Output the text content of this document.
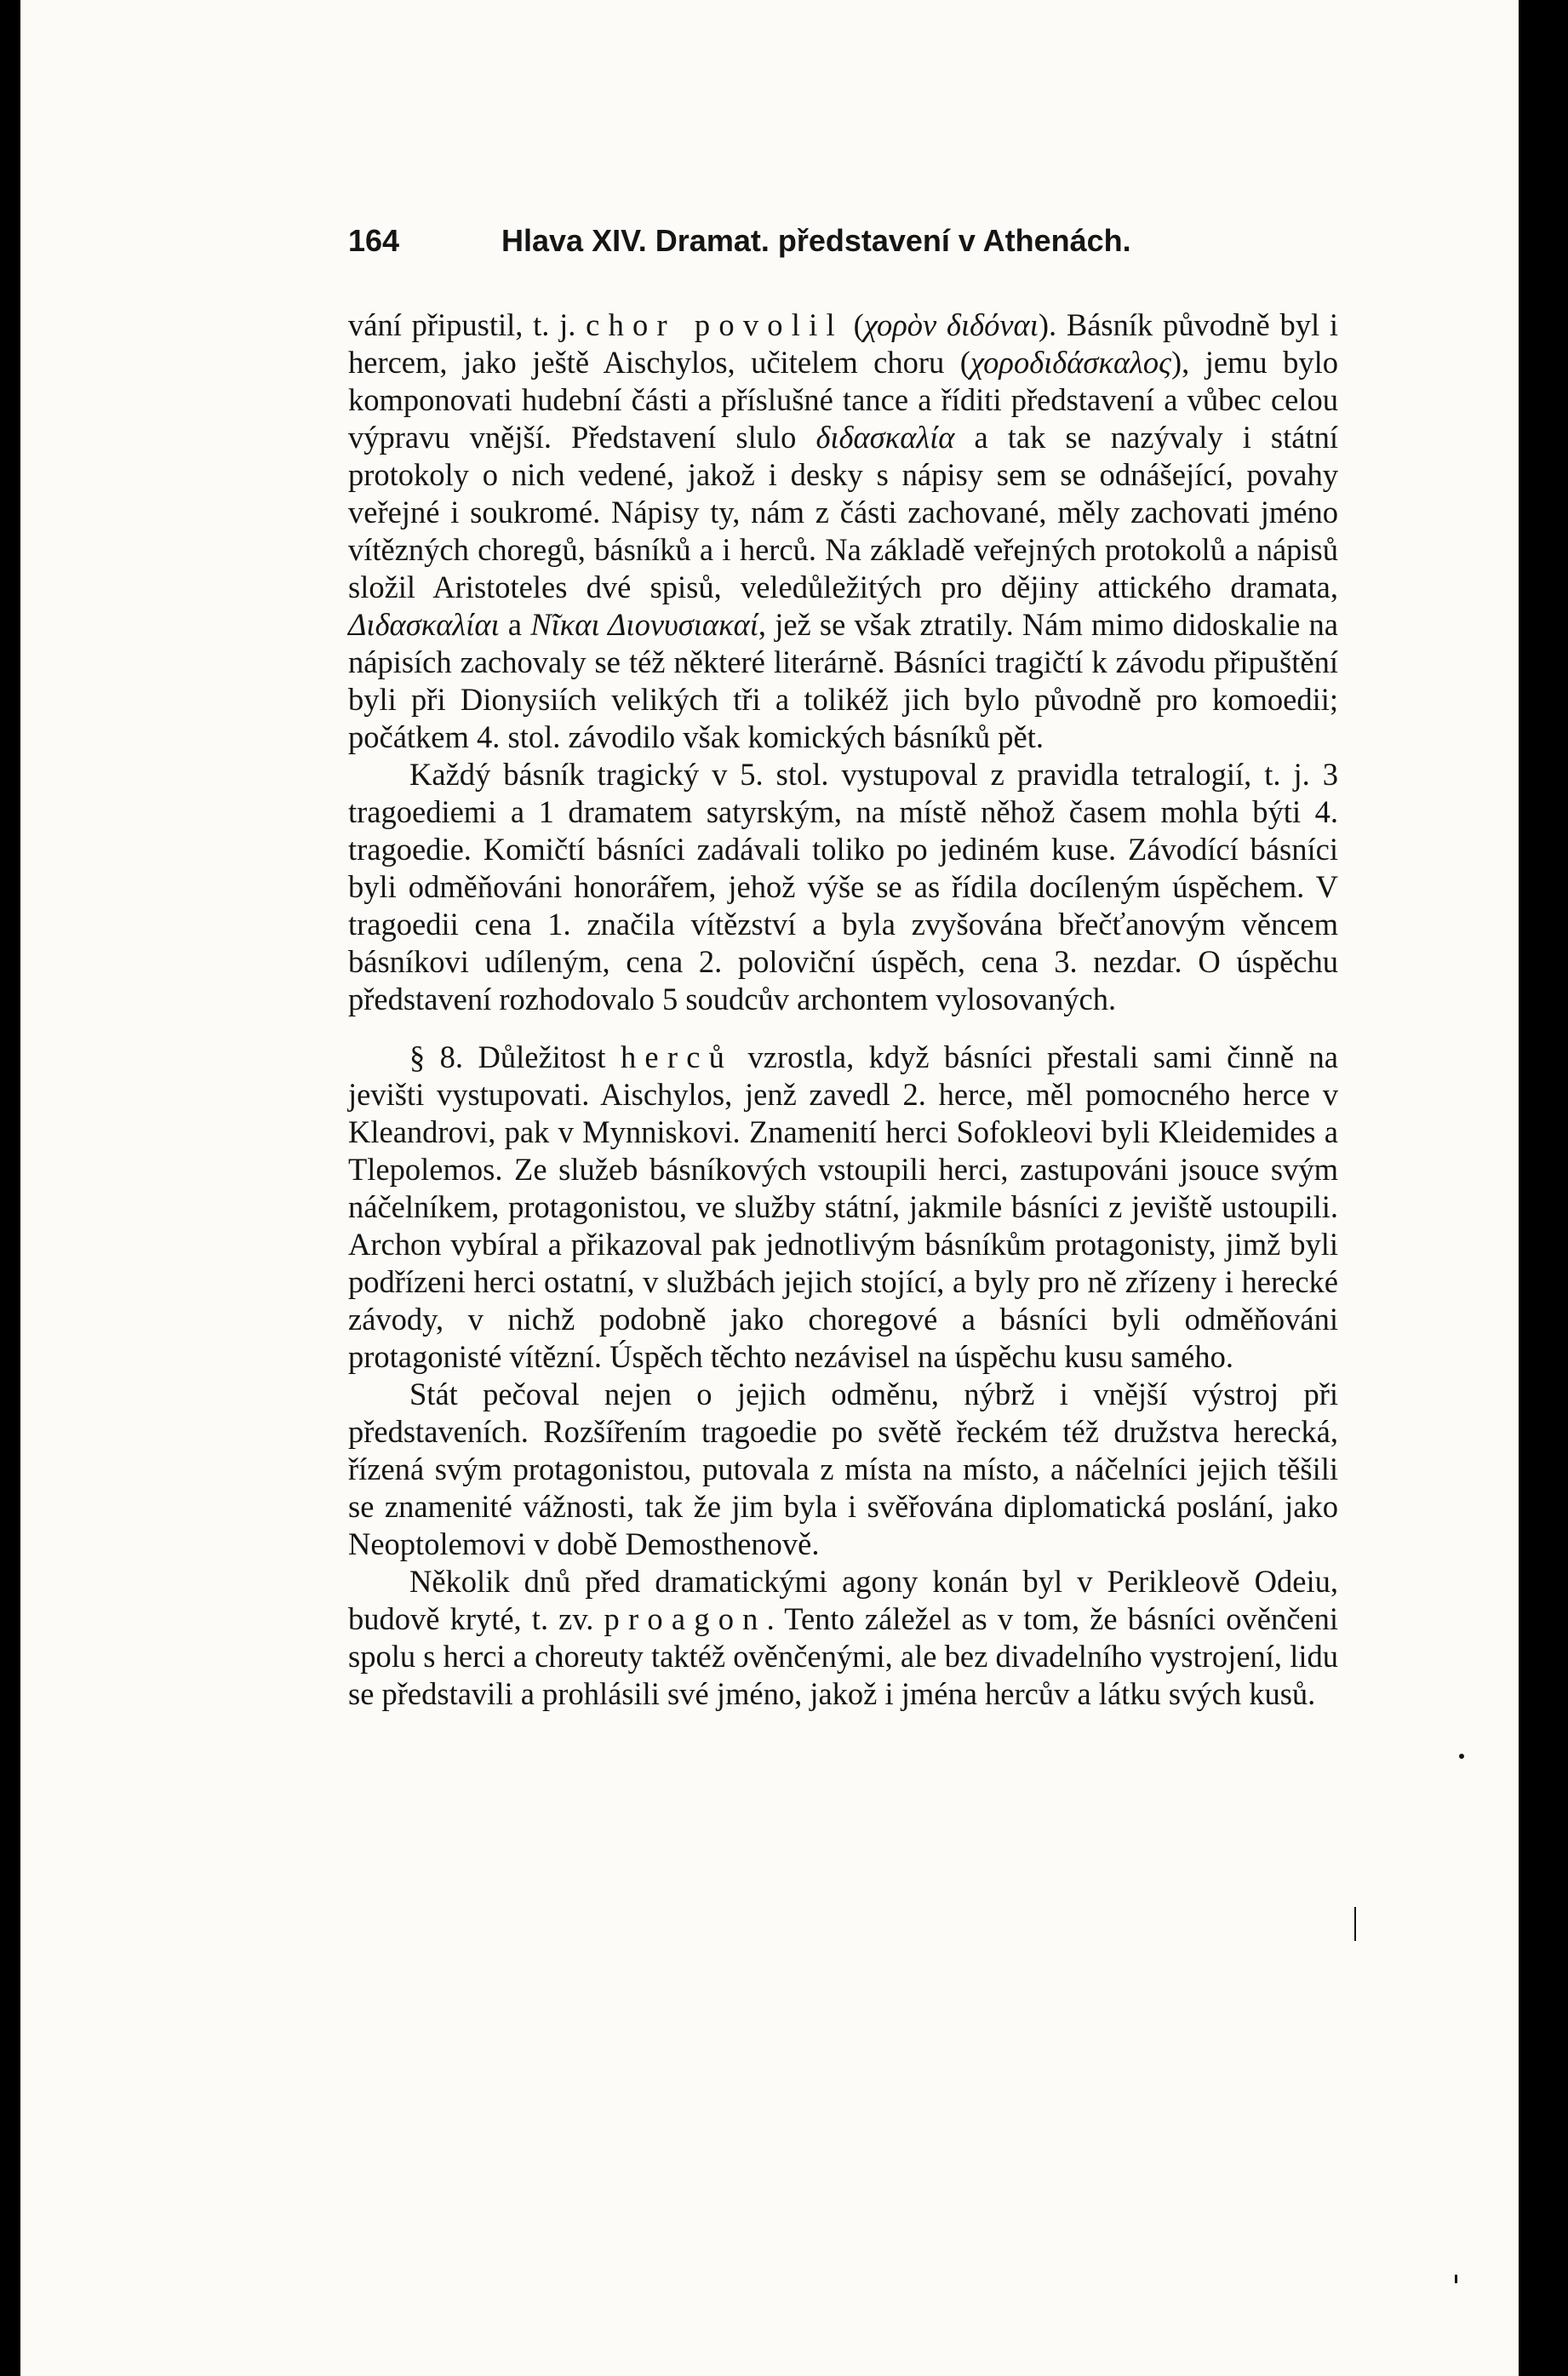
164	Hlava XIV. Dramat. představení v Athenách.

vání připustil, t. j. chor povolil (χορὸν διδόναι). Básník původně byl i hercem, jako ještě Aischylos, učitelem choru (χοροδιδάσκαλος), jemu bylo komponovati hudební části a příslušné tance a říditi představení a vůbec celou výpravu vnější. Představení slulo διδασκαλία a tak se nazývaly i státní protokoly o nich vedené, jakož i desky s nápisy sem se odnášející, povahy veřejné i soukromé. Nápisy ty, nám z části zachované, měly zachovati jméno vítězných choregů, básníků a i herců. Na základě veřejných protokolů a nápisů složil Aristoteles dvé spisů, veledůležitých pro dějiny attického dramata, Διδασκαλίαι a Νῖκαι Διονυσιακαί, jež se však ztratily. Nám mimo didoskalie na nápisích zachovaly se též některé literárně. Básníci tragičtí k závodu připuštění byli při Dionysiích velikých tři a tolikéž jich bylo původně pro komoedii; počátkem 4. stol. závodilo však komických básníků pět.

Každý básník tragický v 5. stol. vystupoval z pravidla tetralogií, t. j. 3 tragoediemi a 1 dramatem satyrským, na místě něhož časem mohla býti 4. tragoedie. Komičtí básníci zadávali toliko po jediném kuse. Závodící básníci byli odměňováni honorářem, jehož výše se as řídila docíleným úspěchem. V tragoedii cena 1. značila vítězství a byla zvyšována břečťanovým věncem básníkovi udíleným, cena 2. poloviční úspěch, cena 3. nezdar. O úspěchu představení rozhodovalo 5 soudcův archontem vylosovaných.

§ 8. Důležitost herců vzrostla, když básníci přestali sami činně na jevišti vystupovati. Aischylos, jenž zavedl 2. herce, měl pomocného herce v Kleandrovi, pak v Mynniskovi. Znamenití herci Sofokleovi byli Kleidemides a Tlepolemos. Ze služeb básníkových vstoupili herci, zastupováni jsouce svým náčelníkem, protagonistou, ve služby státní, jakmile básníci z jeviště ustoupili. Archon vybíral a přikazoval pak jednotlivým básníkům protagonisty, jimž byli podřízeni herci ostatní, v službách jejich stojící, a byly pro ně zřízeny i herecké závody, v nichž podobně jako choregové a básníci byli odměňováni protagonisté vítězní. Úspěch těchto nezávisel na úspěchu kusu samého.

Stát pečoval nejen o jejich odměnu, nýbrž i vnější výstroj při představeních. Rozšířením tragoedie po světě řeckém též družstva herecká, řízená svým protagonistou, putovala z místa na místo, a náčelníci jejich těšili se znamenité vážnosti, tak že jim byla i svěřována diplomatická poslání, jako Neoptolemovi v době Demosthenově.

Několik dnů před dramatickými agony konán byl v Perikleově Odeiu, budově kryté, t. zv. proagon. Tento záležel as v tom, že básníci ověnčeni spolu s herci a choreuty taktéž ověnčenými, ale bez divadelního vystrojení, lidu se představili a prohlásili své jméno, jakož i jména hercův a látku svých kusů.
